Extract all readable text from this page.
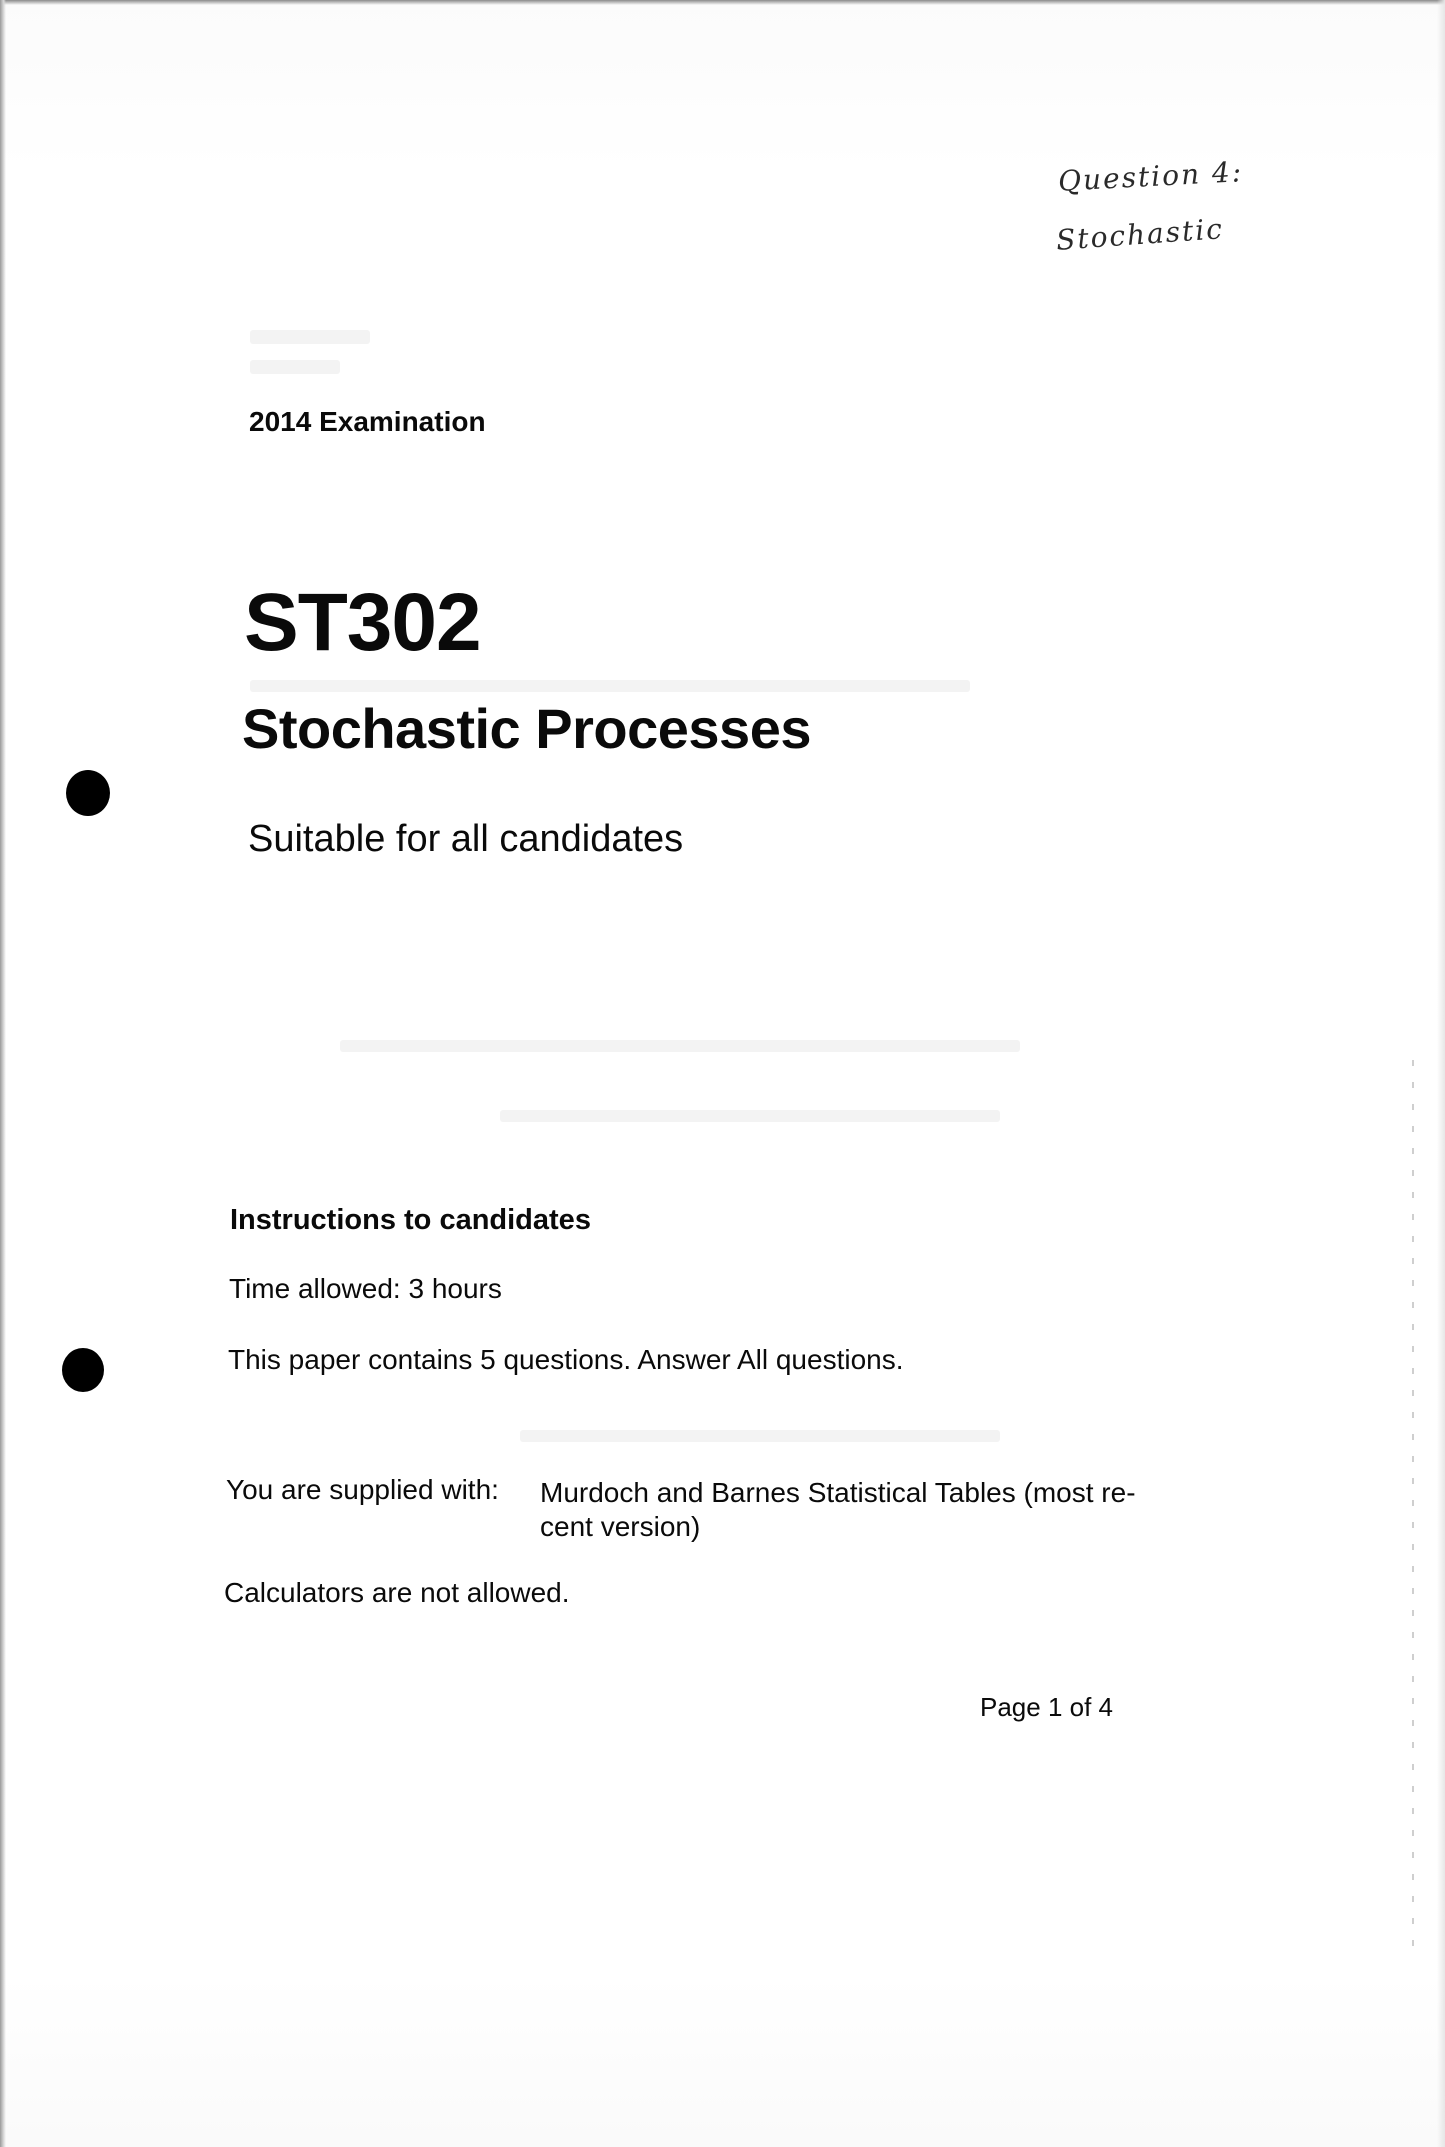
Question 4:
Stochastic
2014 Examination
ST302
Stochastic Processes
Suitable for all candidates
Instructions to candidates
Time allowed: 3 hours
This paper contains 5 questions. Answer All questions.
You are supplied with: Murdoch and Barnes Statistical Tables (most re-cent version)
Calculators are not allowed.
Page 1 of 4
